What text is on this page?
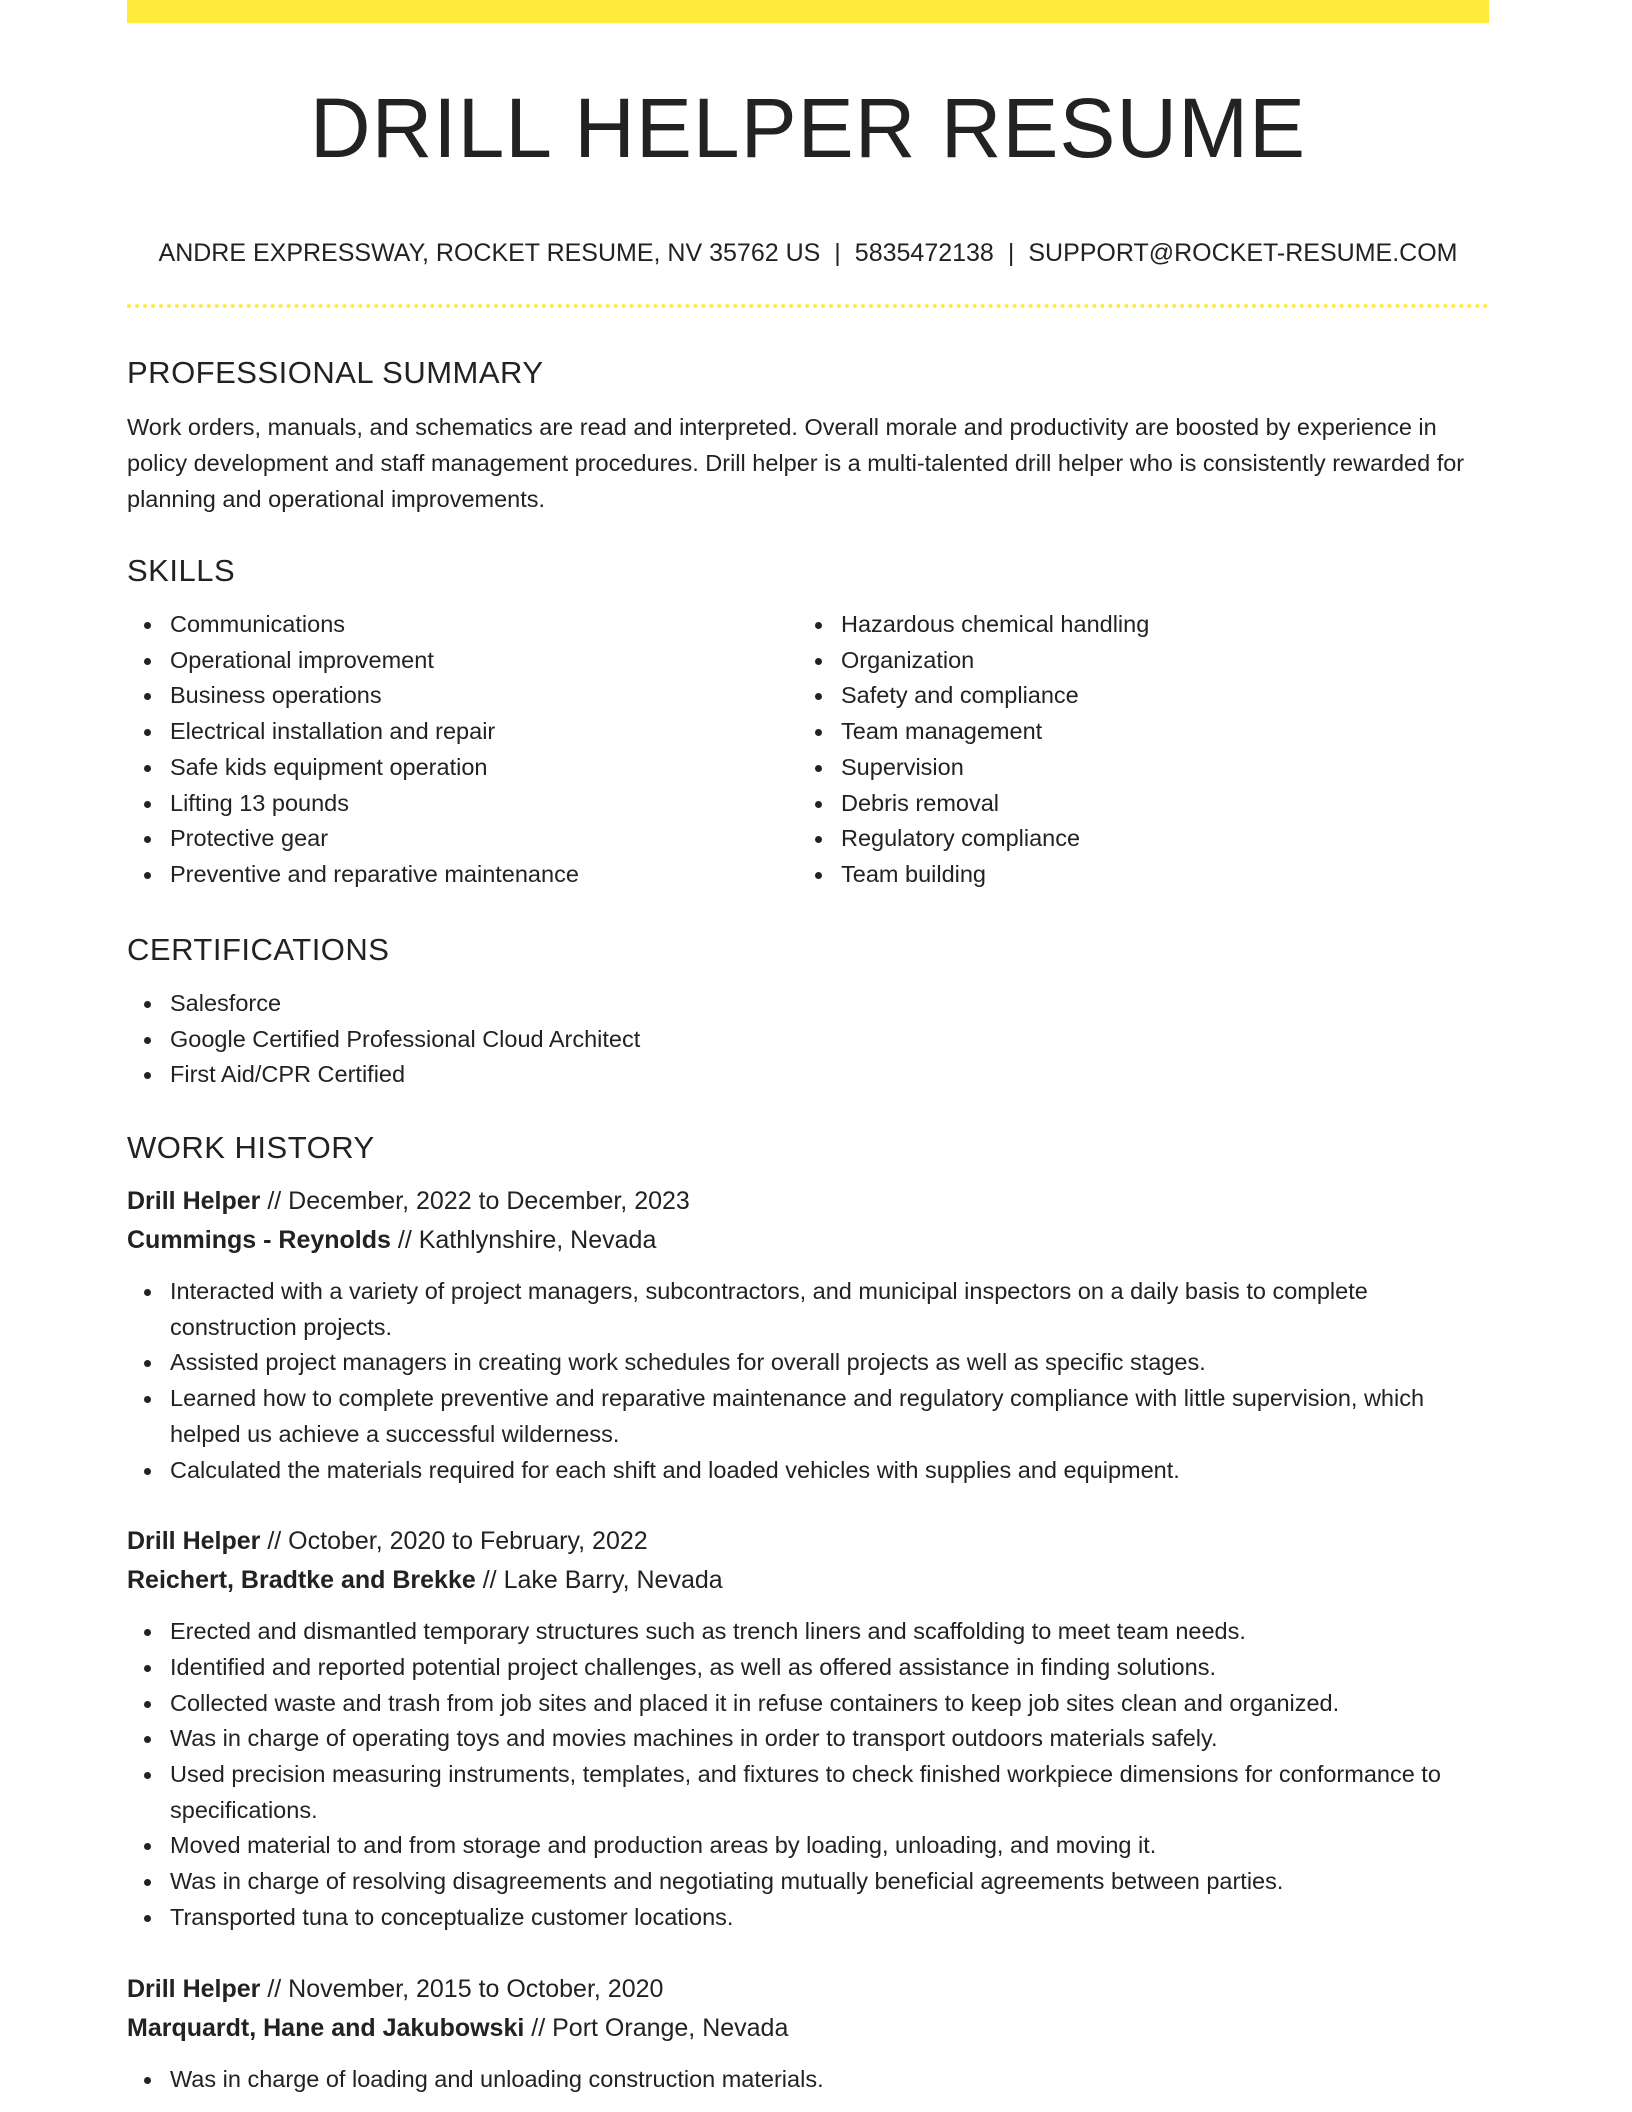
DRILL HELPER RESUME
ANDRE EXPRESSWAY, ROCKET RESUME, NV 35762 US | 5835472138 | SUPPORT@ROCKET-RESUME.COM
PROFESSIONAL SUMMARY

Work orders, manuals, and schematics are read and interpreted. Overall morale and productivity are boosted by experience in policy development and staff management procedures. Drill helper is a multi-talented drill helper who is consistently rewarded for planning and operational improvements.

SKILLS
Communications
Operational improvement
Business operations
Electrical installation and repair
Safe kids equipment operation
Lifting 13 pounds
Protective gear
Preventive and reparative maintenance
Hazardous chemical handling
Organization
Safety and compliance
Team management
Supervision
Debris removal
Regulatory compliance
Team building
CERTIFICATIONS
Salesforce
Google Certified Professional Cloud Architect
First Aid/CPR Certified
WORK HISTORY

Drill Helper // December, 2022 to December, 2023

Cummings - Reynolds // Kathlynshire, Nevada

Interacted with a variety of project managers, subcontractors, and municipal inspectors on a daily basis to complete construction projects.
Assisted project managers in creating work schedules for overall projects as well as specific stages.
Learned how to complete preventive and reparative maintenance and regulatory compliance with little supervision, which helped us achieve a successful wilderness.
Calculated the materials required for each shift and loaded vehicles with supplies and equipment.

Drill Helper // October, 2020 to February, 2022

Reichert, Bradtke and Brekke // Lake Barry, Nevada

Erected and dismantled temporary structures such as trench liners and scaffolding to meet team needs.
Identified and reported potential project challenges, as well as offered assistance in finding solutions.
Collected waste and trash from job sites and placed it in refuse containers to keep job sites clean and organized.
Was in charge of operating toys and movies machines in order to transport outdoors materials safely.
Used precision measuring instruments, templates, and fixtures to check finished workpiece dimensions for conformance to specifications.
Moved material to and from storage and production areas by loading, unloading, and moving it.
Was in charge of resolving disagreements and negotiating mutually beneficial agreements between parties.
Transported tuna to conceptualize customer locations.

Drill Helper // November, 2015 to October, 2020

Marquardt, Hane and Jakubowski // Port Orange, Nevada

Was in charge of loading and unloading construction materials.
